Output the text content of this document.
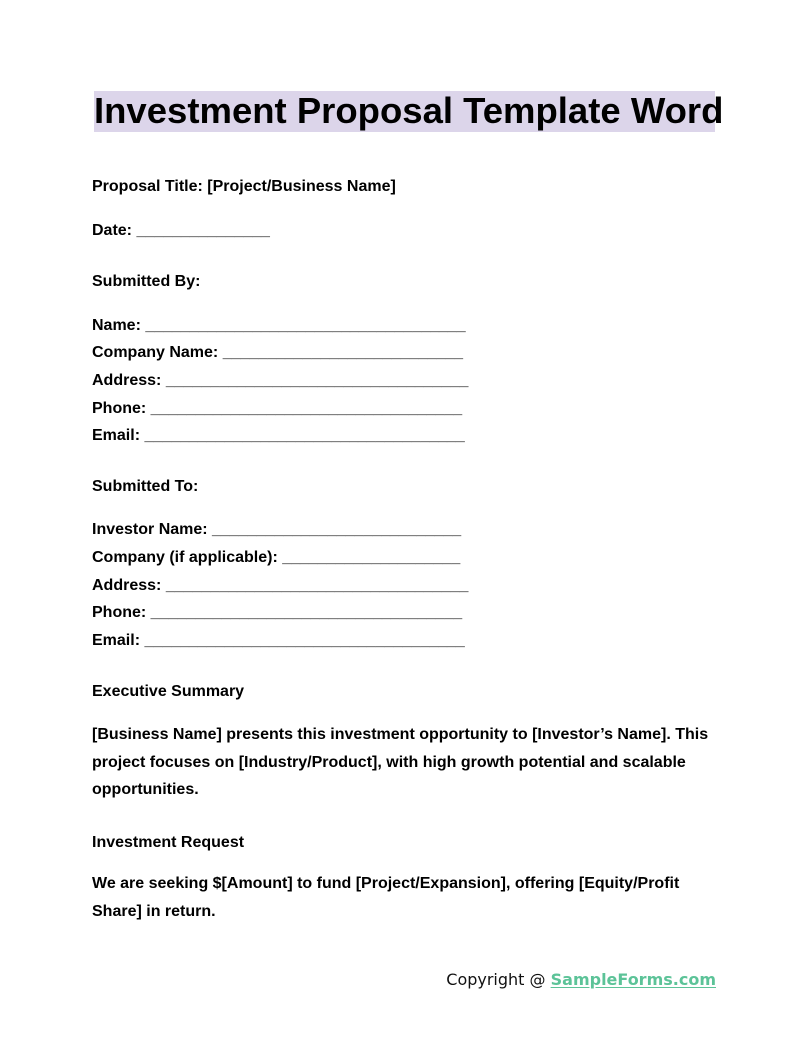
Investment Proposal Template Word
Proposal Title: [Project/Business Name]
Date: _______________
Submitted By:
Name: ____________________________________
Company Name: ___________________________
Address: __________________________________
Phone: ___________________________________
Email: ____________________________________
Submitted To:
Investor Name: ____________________________
Company (if applicable): ____________________
Address: __________________________________
Phone: ___________________________________
Email: ____________________________________
Executive Summary
[Business Name] presents this investment opportunity to [Investor’s Name]. This project focuses on [Industry/Product], with high growth potential and scalable opportunities.
Investment Request
We are seeking $[Amount] to fund [Project/Expansion], offering [Equity/Profit Share] in return.
Copyright @ SampleForms.com
